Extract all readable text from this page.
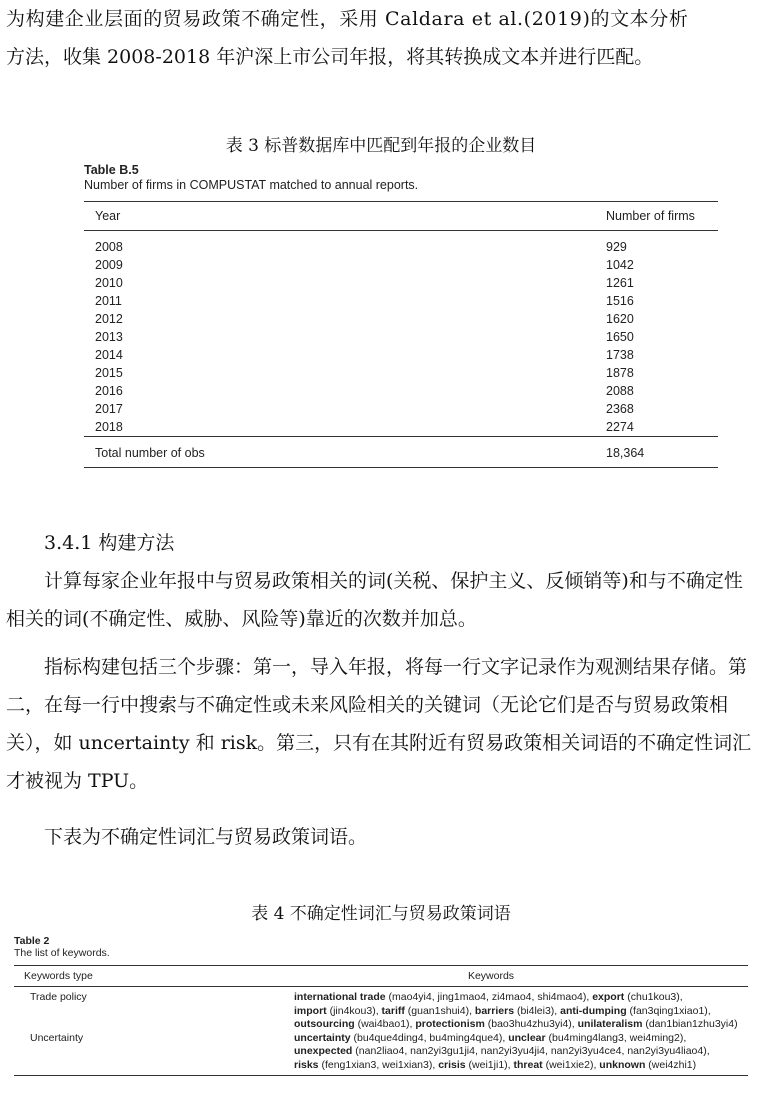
为构建企业层面的贸易政策不确定性，采用 Caldara et al.(2019)的文本分析
方法，收集 2008-2018 年沪深上市公司年报，将其转换成文本并进行匹配。
表 3 标普数据库中匹配到年报的企业数目
Table B.5
Number of firms in COMPUSTAT matched to annual reports.
Year	Number of firms
2008	929
2009	1042
2010	1261
2011	1516
2012	1620
2013	1650
2014	1738
2015	1878
2016	2088
2017	2368
2018	2274
Total number of obs	18,364
3.4.1 构建方法
计算每家企业年报中与贸易政策相关的词(关税、保护主义、反倾销等)和与不确定性相关的词(不确定性、威胁、风险等)靠近的次数并加总。
指标构建包括三个步骤：第一，导入年报，将每一行文字记录作为观测结果存储。第二，在每一行中搜索与不确定性或未来风险相关的关键词（无论它们是否与贸易政策相关），如 uncertainty 和 risk。第三，只有在其附近有贸易政策相关词语的不确定性词汇才被视为 TPU。
下表为不确定性词汇与贸易政策词语。
表 4 不确定性词汇与贸易政策词语
Table 2
The list of keywords.
Keywords type	Keywords
Trade policy	international trade (mao4yi4, jing1mao4, zi4mao4, shi4mao4), export (chu1kou3),
import (jin4kou3), tariff (guan1shui4), barriers (bi4lei3), anti-dumping (fan3qing1xiao1),
outsourcing (wai4bao1), protectionism (bao3hu4zhu3yi4), unilateralism (dan1bian1zhu3yi4)

Uncertainty	uncertainty (bu4que4ding4, bu4ming4que4), unclear (bu4ming4lang3, wei4ming2),
unexpected (nan2liao4, nan2yi3gu1ji4, nan2yi3yu4ji4, nan2yi3yu4ce4, nan2yi3yu4liao4),
risks (feng1xian3, wei1xian3), crisis (wei1ji1), threat (wei1xie2), unknown (wei4zhi1)
